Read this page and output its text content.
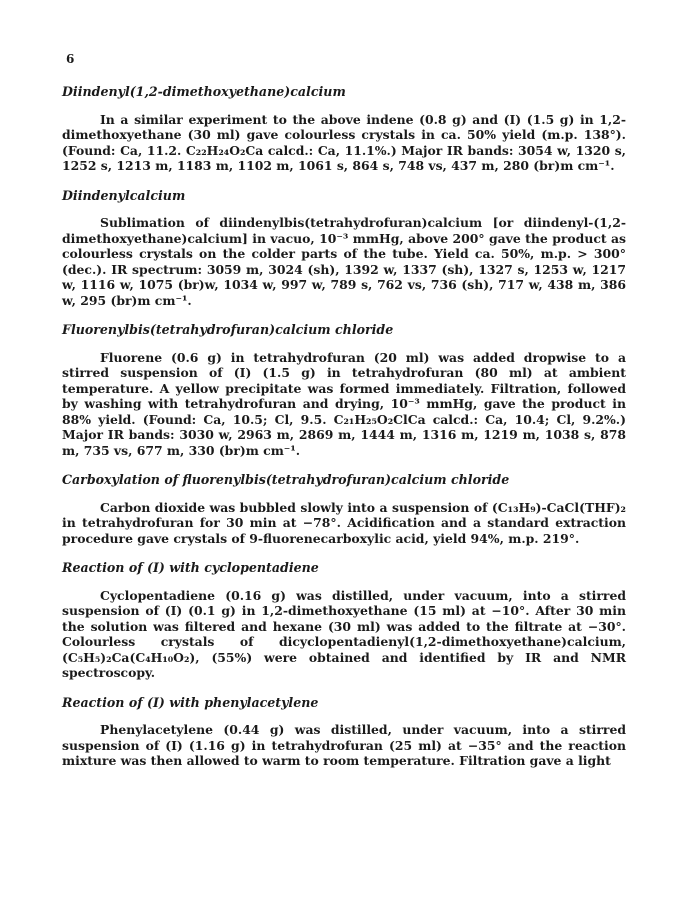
6
Diindenyl(1,2-dimethoxyethane)calcium

In a similar experiment to the above indene (0.8 g) and (I) (1.5 g) in 1,2-dimethoxyethane (30 ml) gave colourless crystals in ca. 50% yield (m.p. 138°). (Found: Ca, 11.2. C₂₂H₂₄O₂Ca calcd.: Ca, 11.1%.) Major IR bands: 3054 w, 1320 s, 1252 s, 1213 m, 1183 m, 1102 m, 1061 s, 864 s, 748 vs, 437 m, 280 (br)m cm⁻¹.

Diindenylcalcium

Sublimation of diindenylbis(tetrahydrofuran)calcium [or diindenyl-(1,2-dimethoxyethane)calcium] in vacuo, 10⁻³ mmHg, above 200° gave the product as colourless crystals on the colder parts of the tube. Yield ca. 50%, m.p. > 300° (dec.). IR spectrum: 3059 m, 3024 (sh), 1392 w, 1337 (sh), 1327 s, 1253 w, 1217 w, 1116 w, 1075 (br)w, 1034 w, 997 w, 789 s, 762 vs, 736 (sh), 717 w, 438 m, 386 w, 295 (br)m cm⁻¹.

Fluorenylbis(tetrahydrofuran)calcium chloride

Fluorene (0.6 g) in tetrahydrofuran (20 ml) was added dropwise to a stirred suspension of (I) (1.5 g) in tetrahydrofuran (80 ml) at ambient temperature. A yellow precipitate was formed immediately. Filtration, followed by washing with tetrahydrofuran and drying, 10⁻³ mmHg, gave the product in 88% yield. (Found: Ca, 10.5; Cl, 9.5. C₂₁H₂₅O₂ClCa calcd.: Ca, 10.4; Cl, 9.2%.) Major IR bands: 3030 w, 2963 m, 2869 m, 1444 m, 1316 m, 1219 m, 1038 s, 878 m, 735 vs, 677 m, 330 (br)m cm⁻¹.

Carboxylation of fluorenylbis(tetrahydrofuran)calcium chloride

Carbon dioxide was bubbled slowly into a suspension of (C₁₃H₉)-CaCl(THF)₂ in tetrahydrofuran for 30 min at −78°. Acidification and a standard extraction procedure gave crystals of 9-fluorenecarboxylic acid, yield 94%, m.p. 219°.

Reaction of (I) with cyclopentadiene

Cyclopentadiene (0.16 g) was distilled, under vacuum, into a stirred suspension of (I) (0.1 g) in 1,2-dimethoxyethane (15 ml) at −10°. After 30 min the solution was filtered and hexane (30 ml) was added to the filtrate at −30°. Colourless crystals of dicyclopentadienyl(1,2-dimethoxyethane)calcium, (C₅H₅)₂Ca(C₄H₁₀O₂), (55%) were obtained and identified by IR and NMR spectroscopy.

Reaction of (I) with phenylacetylene

Phenylacetylene (0.44 g) was distilled, under vacuum, into a stirred suspension of (I) (1.16 g) in tetrahydrofuran (25 ml) at −35° and the reaction mixture was then allowed to warm to room temperature. Filtration gave a light
